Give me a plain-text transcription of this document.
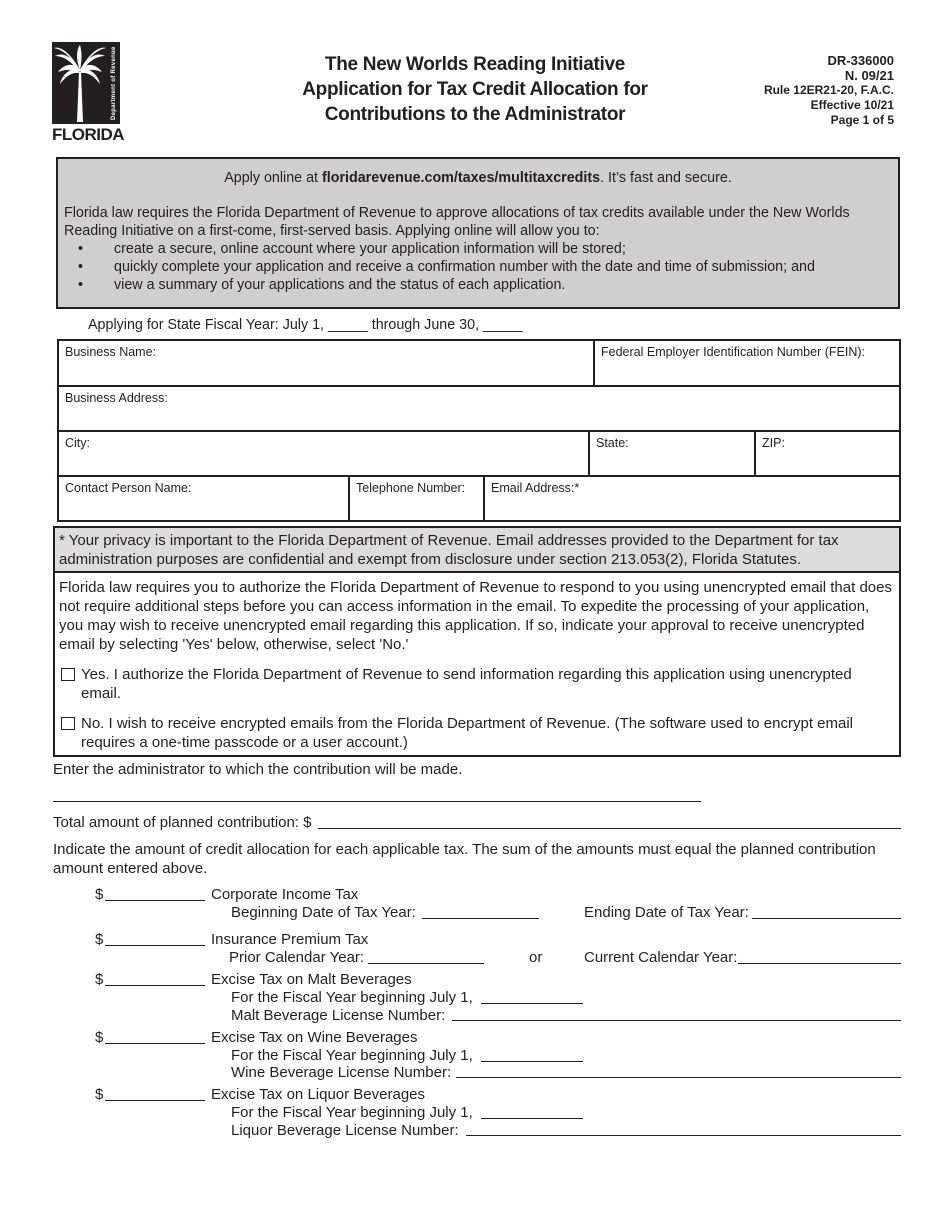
Department of Revenue
FLORIDA
The New Worlds Reading Initiative
Application for Tax Credit Allocation for
Contributions to the Administrator
DR-336000
N. 09/21
Rule 12ER21-20, F.A.C.
Effective 10/21
Page 1 of 5
Apply online at floridarevenue.com/taxes/multitaxcredits. It’s fast and secure.
Florida law requires the Florida Department of Revenue to approve allocations of tax credits available under the New Worlds Reading Initiative on a first-come, first-served basis. Applying online will allow you to:
• create a secure, online account where your application information will be stored;
• quickly complete your application and receive a confirmation number with the date and time of submission; and
• view a summary of your applications and the status of each application.
Applying for State Fiscal Year: July 1, _____ through June 30, _____
Business Name:	Federal Employer Identification Number (FEIN):
Business Address:
City:	State:	ZIP:
Contact Person Name:	Telephone Number:	Email Address:*
* Your privacy is important to the Florida Department of Revenue. Email addresses provided to the Department for tax administration purposes are confidential and exempt from disclosure under section 213.053(2), Florida Statutes.
Florida law requires you to authorize the Florida Department of Revenue to respond to you using unencrypted email that does not require additional steps before you can access information in the email. To expedite the processing of your application, you may wish to receive unencrypted email regarding this application. If so, indicate your approval to receive unencrypted email by selecting 'Yes' below, otherwise, select 'No.'
Yes. I authorize the Florida Department of Revenue to send information regarding this application using unencrypted email.
No. I wish to receive encrypted emails from the Florida Department of Revenue. (The software used to encrypt email requires a one-time passcode or a user account.)
Enter the administrator to which the contribution will be made.
Total amount of planned contribution: $
Indicate the amount of credit allocation for each applicable tax. The sum of the amounts must equal the planned contribution amount entered above.
$	Corporate Income Tax
Beginning Date of Tax Year:	Ending Date of Tax Year:
$	Insurance Premium Tax
Prior Calendar Year:	or	Current Calendar Year:
$	Excise Tax on Malt Beverages
For the Fiscal Year beginning July 1,
Malt Beverage License Number:
$	Excise Tax on Wine Beverages
For the Fiscal Year beginning July 1,
Wine Beverage License Number:
$	Excise Tax on Liquor Beverages
For the Fiscal Year beginning July 1,
Liquor Beverage License Number:
